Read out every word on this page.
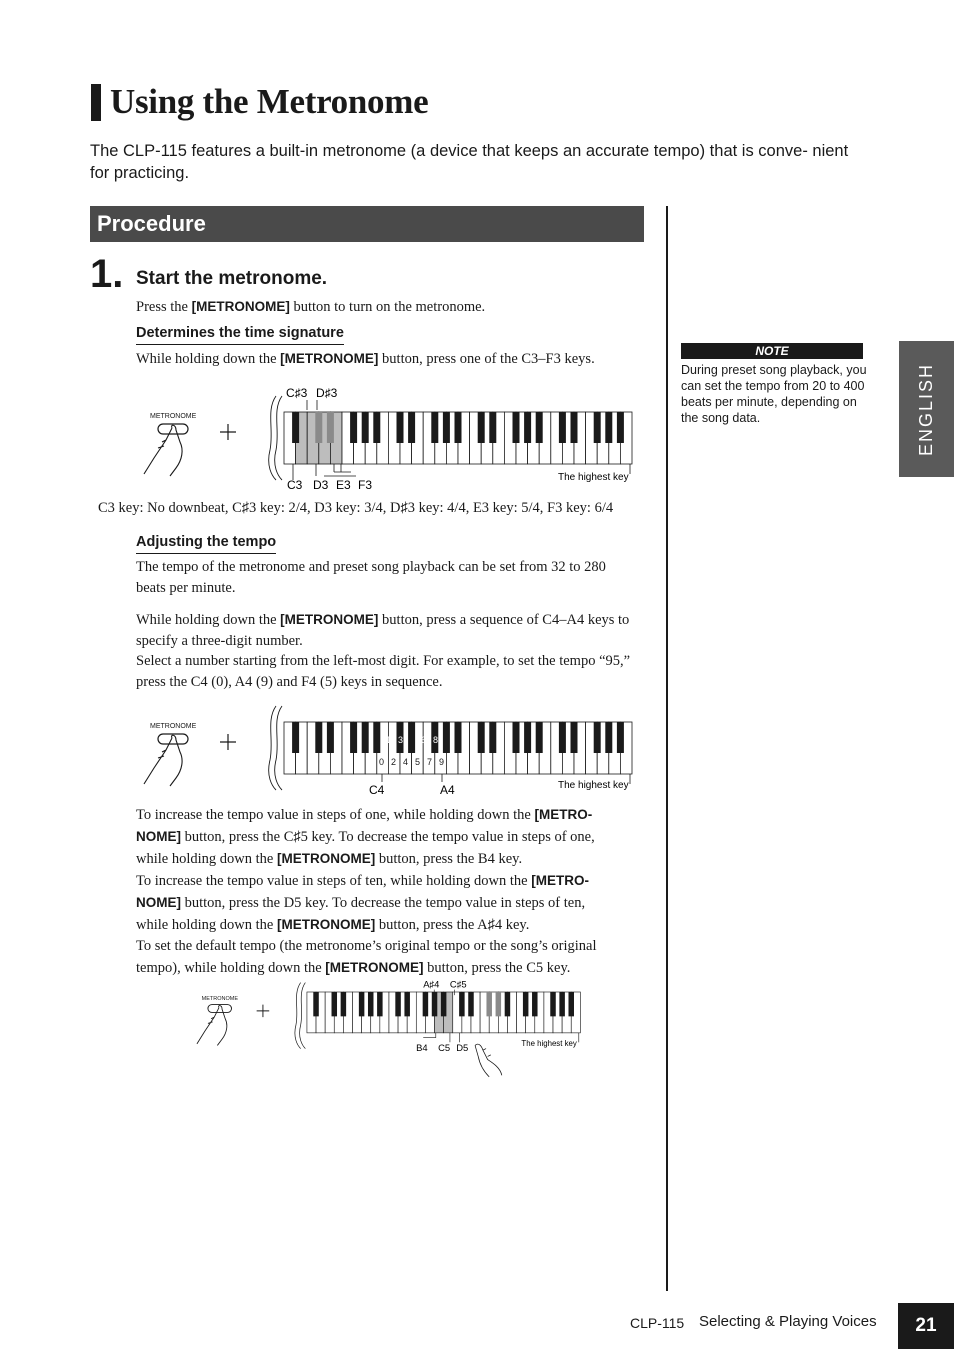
Using the Metronome
The CLP-115 features a built-in metronome (a device that keeps an accurate tempo) that is conve- nient for practicing.
Procedure
1. Start the metronome.
Press the [METRONOME] button to turn on the metronome.
Determines the time signature
While holding down the [METRONOME] button, press one of the C3–F3 keys.
METRONOME
C♯3 D♯3
C3 D3 E3 F3
The highest key
C3 key: No downbeat, C♯3 key: 2/4, D3 key: 3/4, D♯3 key: 4/4, E3 key: 5/4, F3 key: 6/4
Adjusting the tempo
The tempo of the metronome and preset song playback can be set from 32 to 280 beats per minute.
While holding down the [METRONOME] button, press a sequence of C4–A4 keys to specify a three-digit number.
Select a number starting from the left-most digit. For example, to set the tempo “95,” press the C4 (0), A4 (9) and F4 (5) keys in sequence.
METRONOME
1 3 6 8
0 2 4 5 7 9
C4	A4	The highest key
To increase the tempo value in steps of one, while holding down the [METRO-
NOME] button, press the C♯5 key. To decrease the tempo value in steps of one,
while holding down the [METRONOME] button, press the B4 key.
To increase the tempo value in steps of ten, while holding down the [METRO-
NOME] button, press the D5 key. To decrease the tempo value in steps of ten,
while holding down the [METRONOME] button, press the A♯4 key.
To set the default tempo (the metronome’s original tempo or the song’s original
tempo), while holding down the [METRONOME] button, press the C5 key.
METRONOME
A♯4 C♯5
B4 C5 D5	The highest key
NOTE
During preset song playback, you can set the tempo from 20 to 400 beats per minute, depending on the song data.	ENGLISH
CLP-115 Selecting & Playing Voices	21
